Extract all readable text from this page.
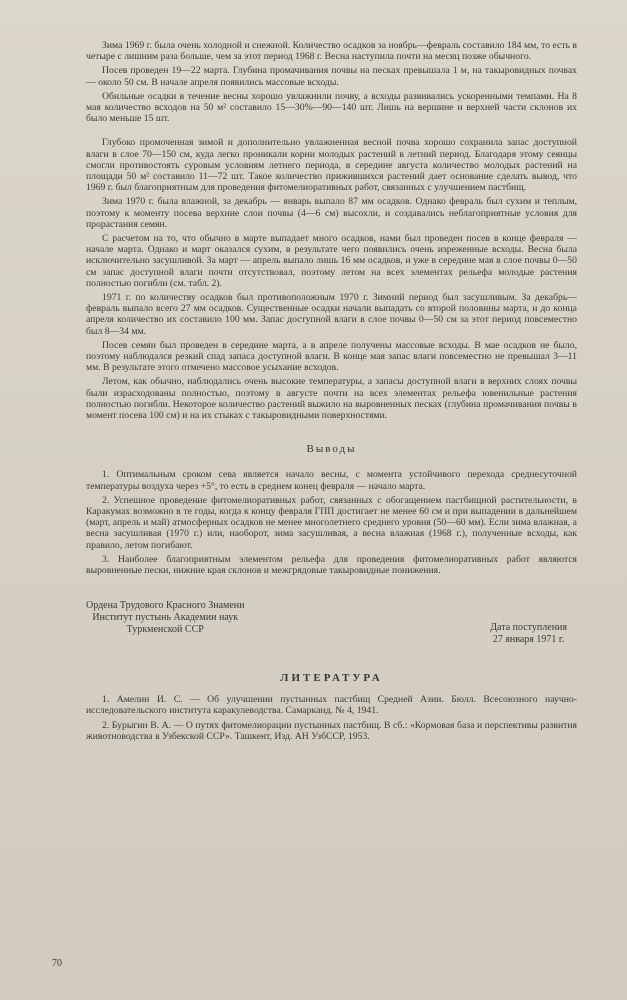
Зима 1969 г. была очень холодной и снежной. Количество осадков за ноябрь—февраль составило 184 мм, то есть в четыре с лишним раза больше, чем за этот период 1968 г. Весна наступила почти на месяц позже обычного.

Посев проведен 19—22 марта. Глубина промачивания почвы на песках превышала 1 м, на такыровидных почвах — около 50 см. В начале апреля появились массовые всходы.

Обильные осадки в течение весны хорошо увлажнили почву, а всходы развивались ускоренными темпами. На 8 мая количество всходов на 50 м² составило 15—30%—90—140 шт. Лишь на вершине и верхней части склонов их было меньше 15 шт.

Глубоко промоченная зимой и дополнительно увлажненная весной почва хорошо сохранила запас доступной влаги в слое 70—150 см, куда легко проникали корни молодых растений в летний период. Благодаря этому сеянцы смогли противостоять суровым условиям летнего периода, в середине августа количество молодых растений на площади 50 м² составило 11—72 шт. Такое количество прижившихся растений дает основание сделать вывод, что 1969 г. был благоприятным для проведения фитомелиоративных работ, связанных с улучшением пастбищ.

Зима 1970 г. была влажной, за декабрь — январь выпало 87 мм осадков. Однако февраль был сухим и теплым, поэтому к моменту посева верхние слои почвы (4—6 см) высохли, и создавались неблагоприятные условия для прорастания семян.

С расчетом на то, что обычно в марте выпадает много осадков, нами был проведен посев в конце февраля — начале марта. Однако и март оказался сухим, в результате чего появились очень изреженные всходы. Весна была исключительно засушливой. За март — апрель выпало лишь 16 мм осадков, и уже в середине мая в слое почвы 0—50 см запас доступной влаги почти отсутствовал, поэтому летом на всех элементах рельефа молодые растения полностью погибли (см. табл. 2).

1971 г. по количеству осадков был противоположным 1970 г. Зимний период был засушливым. За декабрь—февраль выпало всего 27 мм осадков. Существенные осадки начали выпадать со второй половины марта, и до конца апреля количество их составило 100 мм. Запас доступной влаги в слое почвы 0—50 см за этот период повсеместно был 8—34 мм.

Посев семян был проведен в середине марта, а в апреле получены массовые всходы. В мае осадков не было, поэтому наблюдался резкий спад запаса доступной влаги. В конце мая запас влаги повсеместно не превышал 3—11 мм. В результате этого отмечено массовое усыхание всходов.

Летом, как обычно, наблюдались очень высокие температуры, а запасы доступной влаги в верхних слоях почвы были израсходованы полностью, поэтому в августе почти на всех элементах рельефа ювенильные растения полностью погибли. Некоторое количество растений выжило на выровненных песках (глубина промачивания почвы в момент посева 100 см) и на их стыках с такыровидными поверхностями.

Выводы

1. Оптимальным сроком сева является начало весны, с момента устойчивого перехода среднесуточной температуры воздуха через +5°, то есть в среднем конец февраля — начало марта.

2. Успешное проведение фитомелиоративных работ, связанных с обогащением пастбищной растительности, в Каракумах возможно в те годы, когда к концу февраля ГПП достигает не менее 60 см и при выпадении в дальнейшем (март, апрель и май) атмосферных осадков не менее многолетнего среднего уровня (50—60 мм). Если зима влажная, а весна засушливая (1970 г.) или, наоборот, зима засушливая, а весна влажная (1968 г.), полученные всходы, как правило, летом погибают.

3. Наиболее благоприятным элементом рельефа для проведения фитомелиоративных работ являются выровненные пески, нижние края склонов и межгрядовые такыровидные понижения.

Ордена Трудового Красного Знамени
Институт пустынь Академии наук
Туркменской ССР	Дата поступления
27 января 1971 г.
ЛИТЕРАТУРА

1. Амелин И. С. — Об улучшении пустынных пастбищ Средней Азии. Бюлл. Всесоюзного научно-исследовательского института каракулеводства. Самарканд. № 4, 1941.

2. Бурыгин В. А. — О путях фитомелиорации пустынных пастбищ. В сб.: «Кормовая база и перспективы развития животноводства в Узбекской ССР». Ташкент, Изд. АН УзбССР, 1953.

70
